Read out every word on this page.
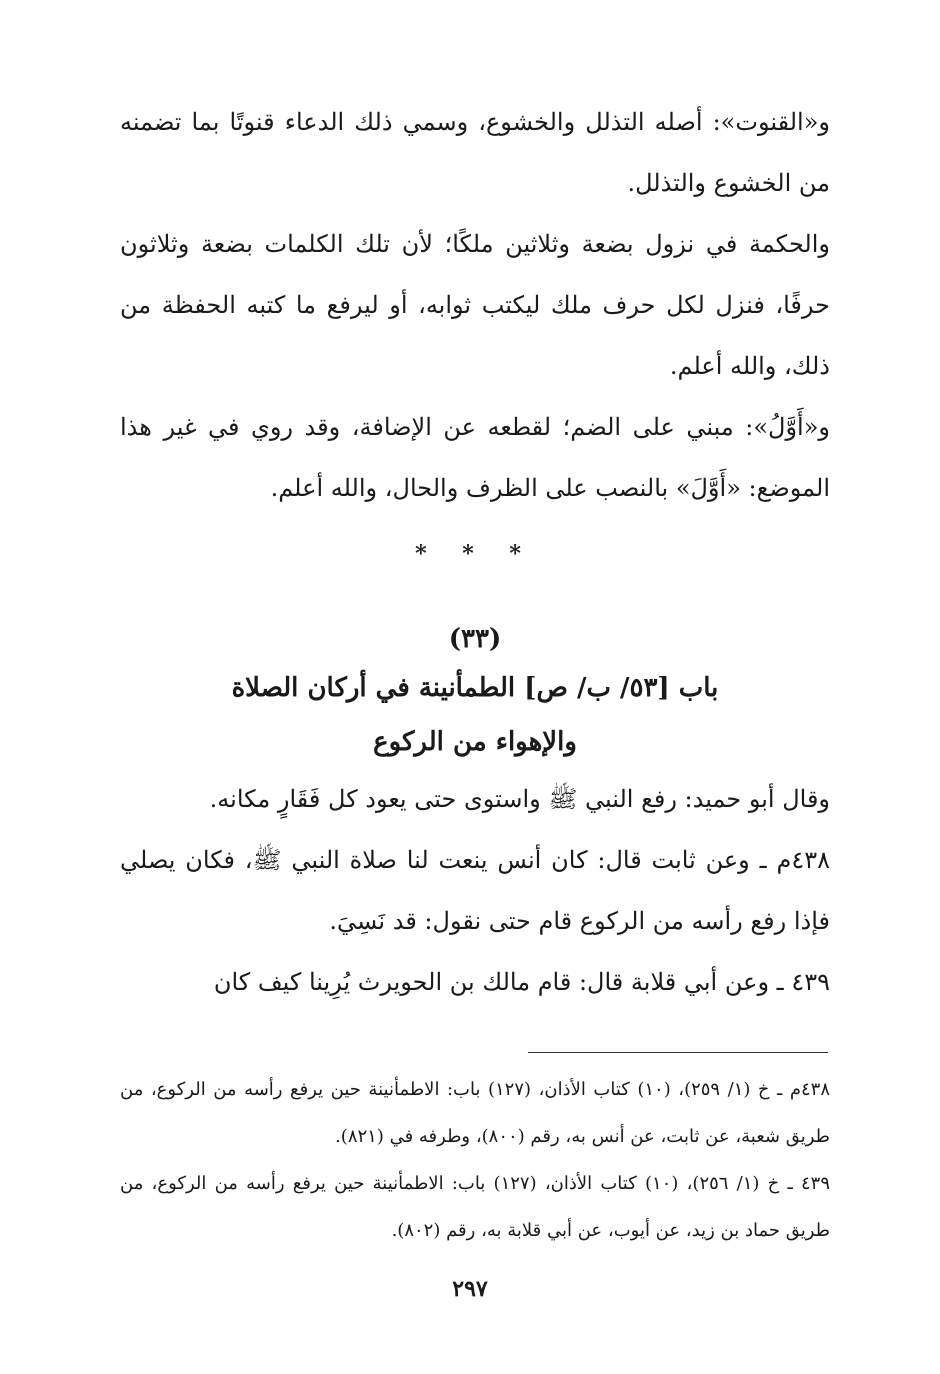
و«القنوت»: أصله التذلل والخشوع، وسمي ذلك الدعاء قنوتًا بما تضمنه من الخشوع والتذلل.

والحكمة في نزول بضعة وثلاثين ملكًا؛ لأن تلك الكلمات بضعة وثلاثون حرفًا، فنزل لكل حرف ملك ليكتب ثوابه، أو ليرفع ما كتبه الحفظة من ذلك، والله أعلم.

و«أَوَّلُ»: مبني على الضم؛ لقطعه عن الإضافة، وقد روي في غير هذا الموضع: «أَوَّلَ» بالنصب على الظرف والحال، والله أعلم.

* * *
(٣٣)

باب [٥٣/ ب/ ص] الطمأنينة في أركان الصلاة

والإهواء من الركوع

وقال أبو حميد: رفع النبي ﷺ واستوى حتى يعود كل فَقَارٍ مكانه.

٤٣٨م ـ وعن ثابت قال: كان أنس ينعت لنا صلاة النبي ﷺ، فكان يصلي فإذا رفع رأسه من الركوع قام حتى نقول: قد نَسِيَ.

٤٣٩ ـ وعن أبي قلابة قال: قام مالك بن الحويرث يُرِينا كيف كان

٤٣٨م ـ خ (١/ ٢٥٩)، (١٠) كتاب الأذان، (١٢٧) باب: الاطمأنينة حين يرفع رأسه من الركوع، من طريق شعبة، عن ثابت، عن أنس به، رقم (٨٠٠)، وطرفه في (٨٢١).

٤٣٩ ـ خ (١/ ٢٥٦)، (١٠) كتاب الأذان، (١٢٧) باب: الاطمأنينة حين يرفع رأسه من الركوع، من طريق حماد بن زيد، عن أيوب، عن أبي قلابة به، رقم (٨٠٢).

٢٩٧
